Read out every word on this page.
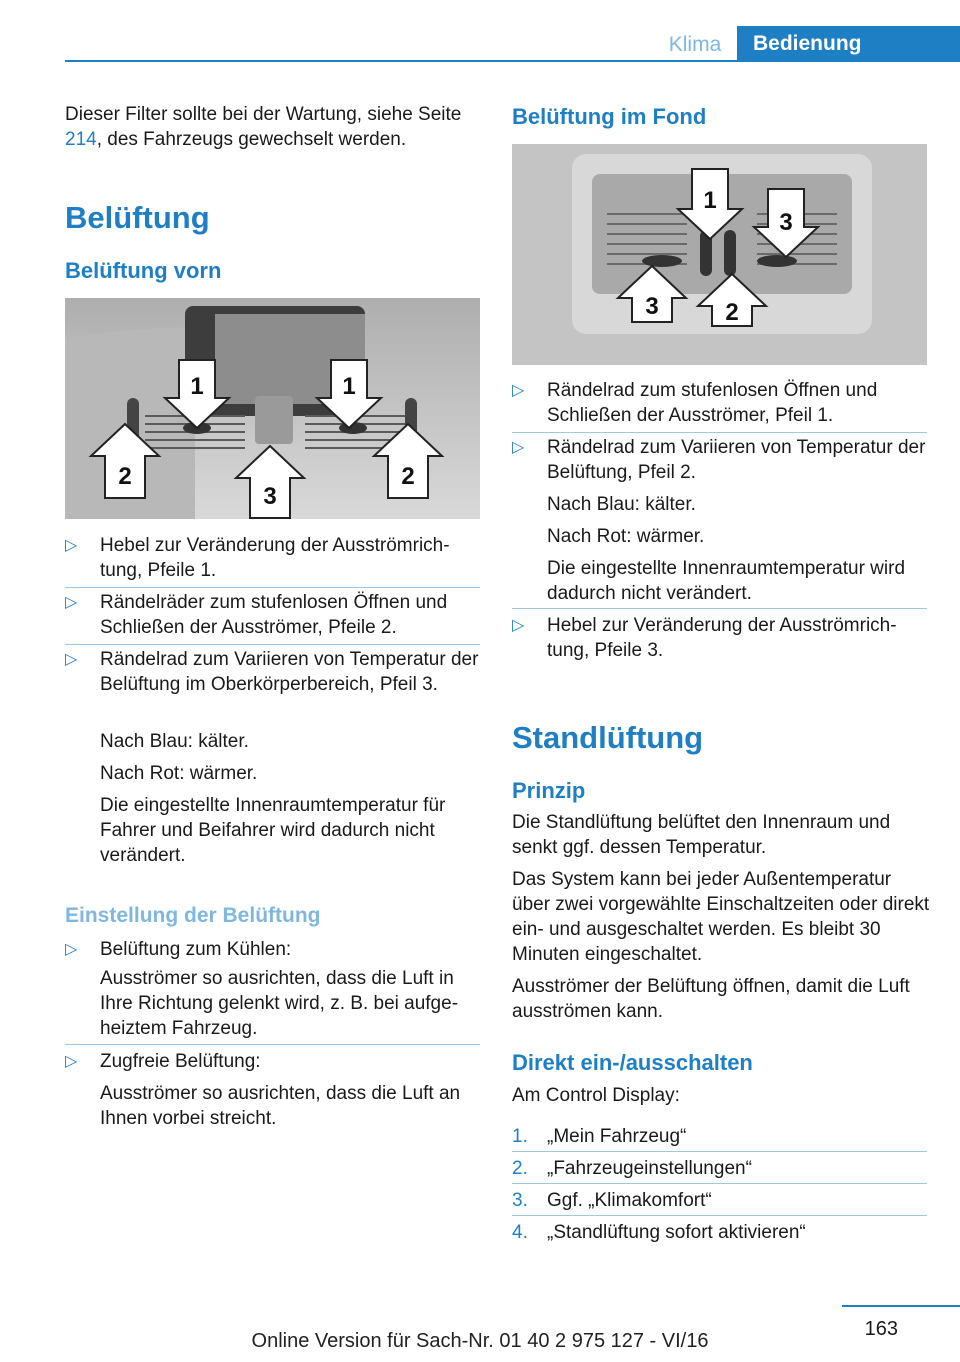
Klima	Bedienung

Dieser Filter sollte bei der Wartung, siehe Seite 214, des Fahrzeugs gewechselt werden.

Belüftung
Belüftung vorn
1	1
2
3
2
▷ Hebel zur Veränderung der Ausströmrichtung, Pfeile 1.
▷ Rändelräder zum stufenlosen Öffnen und Schließen der Ausströmer, Pfeile 2.
▷ Rändelrad zum Variieren von Temperatur der Belüftung im Oberkörperbereich, Pfeil 3.
Nach Blau: kälter.
Nach Rot: wärmer.
Die eingestellte Innenraumtemperatur für Fahrer und Beifahrer wird dadurch nicht verändert.
Einstellung der Belüftung
▷ Belüftung zum Kühlen:
Ausströmer so ausrichten, dass die Luft in Ihre Richtung gelenkt wird, z. B. bei aufgeheiztem Fahrzeug.
▷ Zugfreie Belüftung:
Ausströmer so ausrichten, dass die Luft an Ihnen vorbei streicht.
Belüftung im Fond
1
3
3	2
▷ Rändelrad zum stufenlosen Öffnen und Schließen der Ausströmer, Pfeil 1.
▷ Rändelrad zum Variieren von Temperatur der Belüftung, Pfeil 2.
Nach Blau: kälter.
Nach Rot: wärmer.
Die eingestellte Innenraumtemperatur wird dadurch nicht verändert.
▷ Hebel zur Veränderung der Ausströmrichtung, Pfeile 3.
Standlüftung
Prinzip

Die Standlüftung belüftet den Innenraum und senkt ggf. dessen Temperatur.

Das System kann bei jeder Außentemperatur über zwei vorgewählte Einschaltzeiten oder direkt ein- und ausgeschaltet werden. Es bleibt 30 Minuten eingeschaltet.

Ausströmer der Belüftung öffnen, damit die Luft ausströmen kann.

Direkt ein-/ausschalten

Am Control Display:

1. „Mein Fahrzeug“
2. „Fahrzeugeinstellungen“
3. Ggf. „Klimakomfort“
4. „Standlüftung sofort aktivieren“
163
Online Version für Sach-Nr. 01 40 2 975 127 - VI/16
